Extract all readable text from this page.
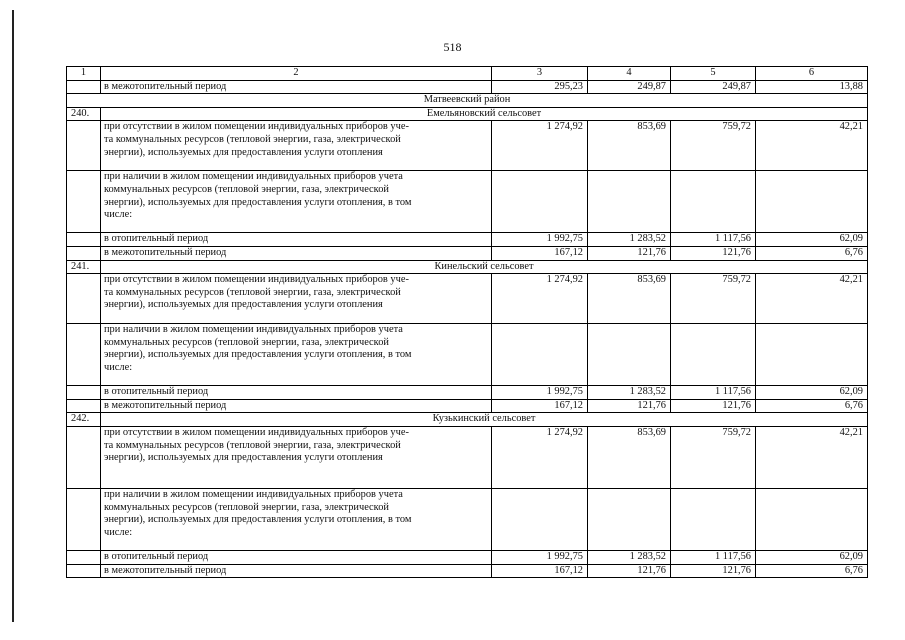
518
1	2	3	4	5	6
	в межотопительный период	295,23	249,87	249,87	13,88
Матвеевский район					
240.	Емельяновский сельсовет				

	при отсутствии в жилом помещении индивидуальных приборов уче-
та коммунальных ресурсов (тепловой энергии, газа, электрической
энергии), используемых для предоставления услуги отопления	1 274,92	853,69	759,72	42,21

	при наличии в жилом помещении индивидуальных приборов учета
коммунальных ресурсов (тепловой энергии, газа, электрической
энергии), используемых для предоставления услуги отопления, в том
числе:				

	в отопительный период	1 992,75	1 283,52	1 117,56	62,09
	в межотопительный период	167,12	121,76	121,76	6,76
241.	Кинельский сельсовет				

	при отсутствии в жилом помещении индивидуальных приборов уче-
та коммунальных ресурсов (тепловой энергии, газа, электрической
энергии), используемых для предоставления услуги отопления	1 274,92	853,69	759,72	42,21

	при наличии в жилом помещении индивидуальных приборов учета
коммунальных ресурсов (тепловой энергии, газа, электрической
энергии), используемых для предоставления услуги отопления, в том
числе:				

	в отопительный период	1 992,75	1 283,52	1 117,56	62,09
	в межотопительный период	167,12	121,76	121,76	6,76
242.	Кузькинский сельсовет				

	при отсутствии в жилом помещении индивидуальных приборов уче-
та коммунальных ресурсов (тепловой энергии, газа, электрической
энергии), используемых для предоставления услуги отопления	1 274,92	853,69	759,72	42,21

	при наличии в жилом помещении индивидуальных приборов учета
коммунальных ресурсов (тепловой энергии, газа, электрической
энергии), используемых для предоставления услуги отопления, в том
числе:				

	в отопительный период	1 992,75	1 283,52	1 117,56	62,09
	в межотопительный период	167,12	121,76	121,76	6,76
